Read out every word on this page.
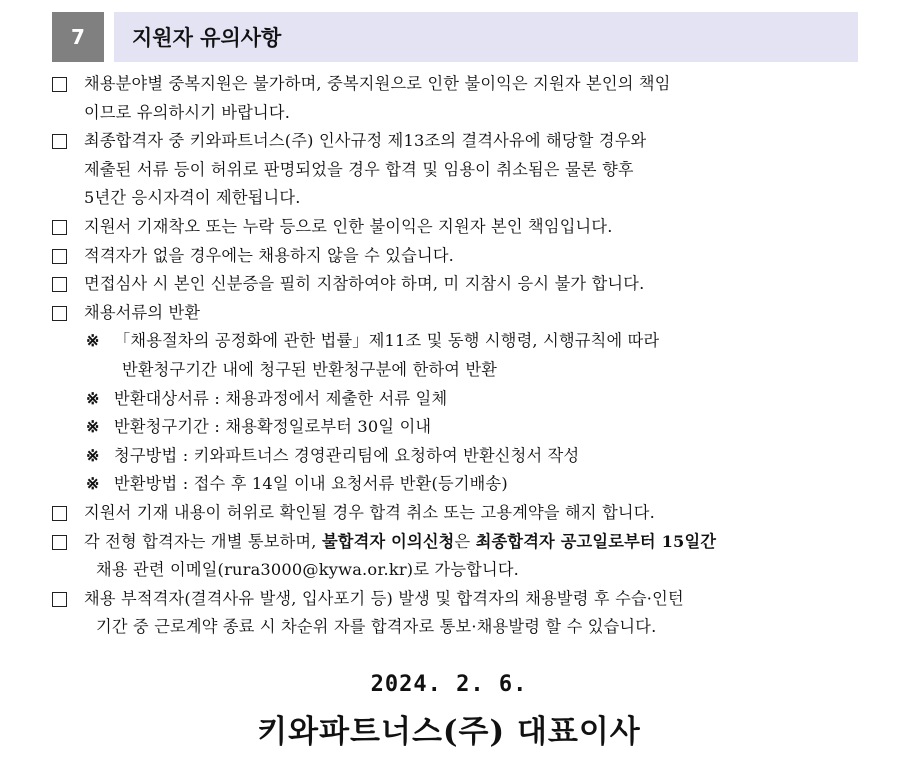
7	지원자 유의사항
채용분야별 중복지원은 불가하며, 중복지원으로 인한 불이익은 지원자 본인의 책임
이므로 유의하시기 바랍니다.
최종합격자 중 키와파트너스(주) 인사규정 제13조의 결격사유에 해당할 경우와
제출된 서류 등이 허위로 판명되었을 경우 합격 및 임용이 취소됨은 물론 향후
5년간 응시자격이 제한됩니다.
지원서 기재착오 또는 누락 등으로 인한 불이익은 지원자 본인 책임입니다.
적격자가 없을 경우에는 채용하지 않을 수 있습니다.
면접심사 시 본인 신분증을 필히 지참하여야 하며, 미 지참시 응시 불가 합니다.
채용서류의 반환
※ 「채용절차의 공정화에 관한 법률」제11조 및 동행 시행령, 시행규칙에 따라
반환청구기간 내에 청구된 반환청구분에 한하여 반환
※ 반환대상서류 : 채용과정에서 제출한 서류 일체
※ 반환청구기간 : 채용확정일로부터 30일 이내
※ 청구방법 : 키와파트너스 경영관리팀에 요청하여 반환신청서 작성
※ 반환방법 : 접수 후 14일 이내 요청서류 반환(등기배송)
지원서 기재 내용이 허위로 확인될 경우 합격 취소 또는 고용계약을 해지 합니다.
각 전형 합격자는 개별 통보하며, 불합격자 이의신청은 최종합격자 공고일로부터 15일간
채용 관련 이메일(rura3000@kywa.or.kr)로 가능합니다.
채용 부적격자(결격사유 발생, 입사포기 등) 발생 및 합격자의 채용발령 후 수습·인턴
기간 중 근로계약 종료 시 차순위 자를 합격자로 통보·채용발령 할 수 있습니다.
2024. 2. 6.
키와파트너스(주) 대표이사
